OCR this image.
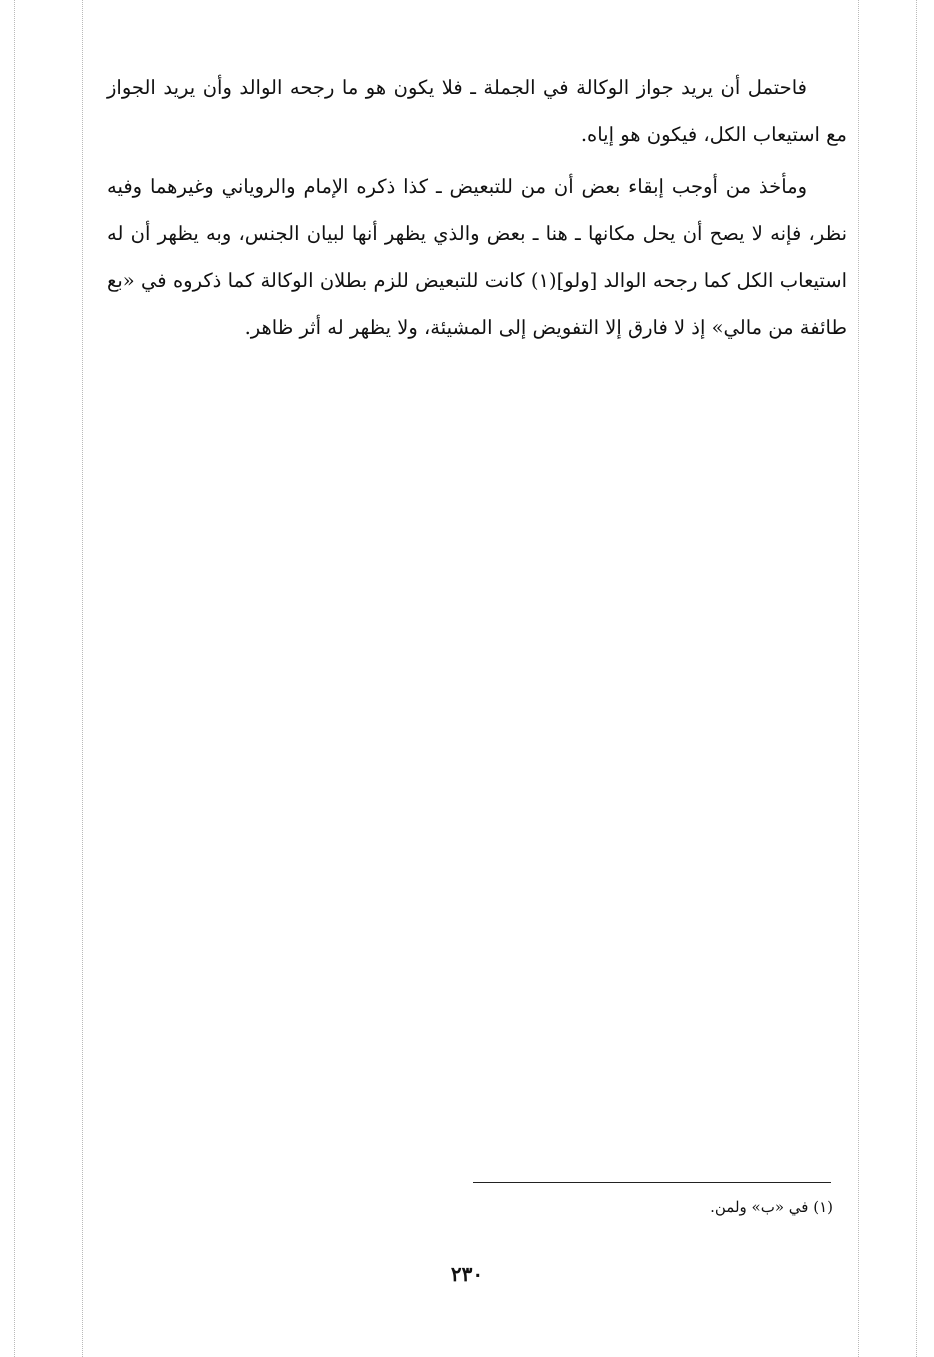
فاحتمل أن يريد جواز الوكالة في الجملة ـ فلا يكون هو ما رجحه الوالد وأن يريد الجواز مع استيعاب الكل، فيكون هو إياه.

ومأخذ من أوجب إبقاء بعض أن من للتبعيض ـ كذا ذكره الإمام والروياني وغيرهما وفيه نظر، فإنه لا يصح أن يحل مكانها ـ هنا ـ بعض والذي يظهر أنها لبيان الجنس، وبه يظهر أن له استيعاب الكل كما رجحه الوالد [ولو](١) كانت للتبعيض للزم بطلان الوكالة كما ذكروه في «بع طائفة من مالي» إذ لا فارق إلا التفويض إلى المشيئة، ولا يظهر له أثر ظاهر.

(١) في «ب» ولمن.
٢٣٠
